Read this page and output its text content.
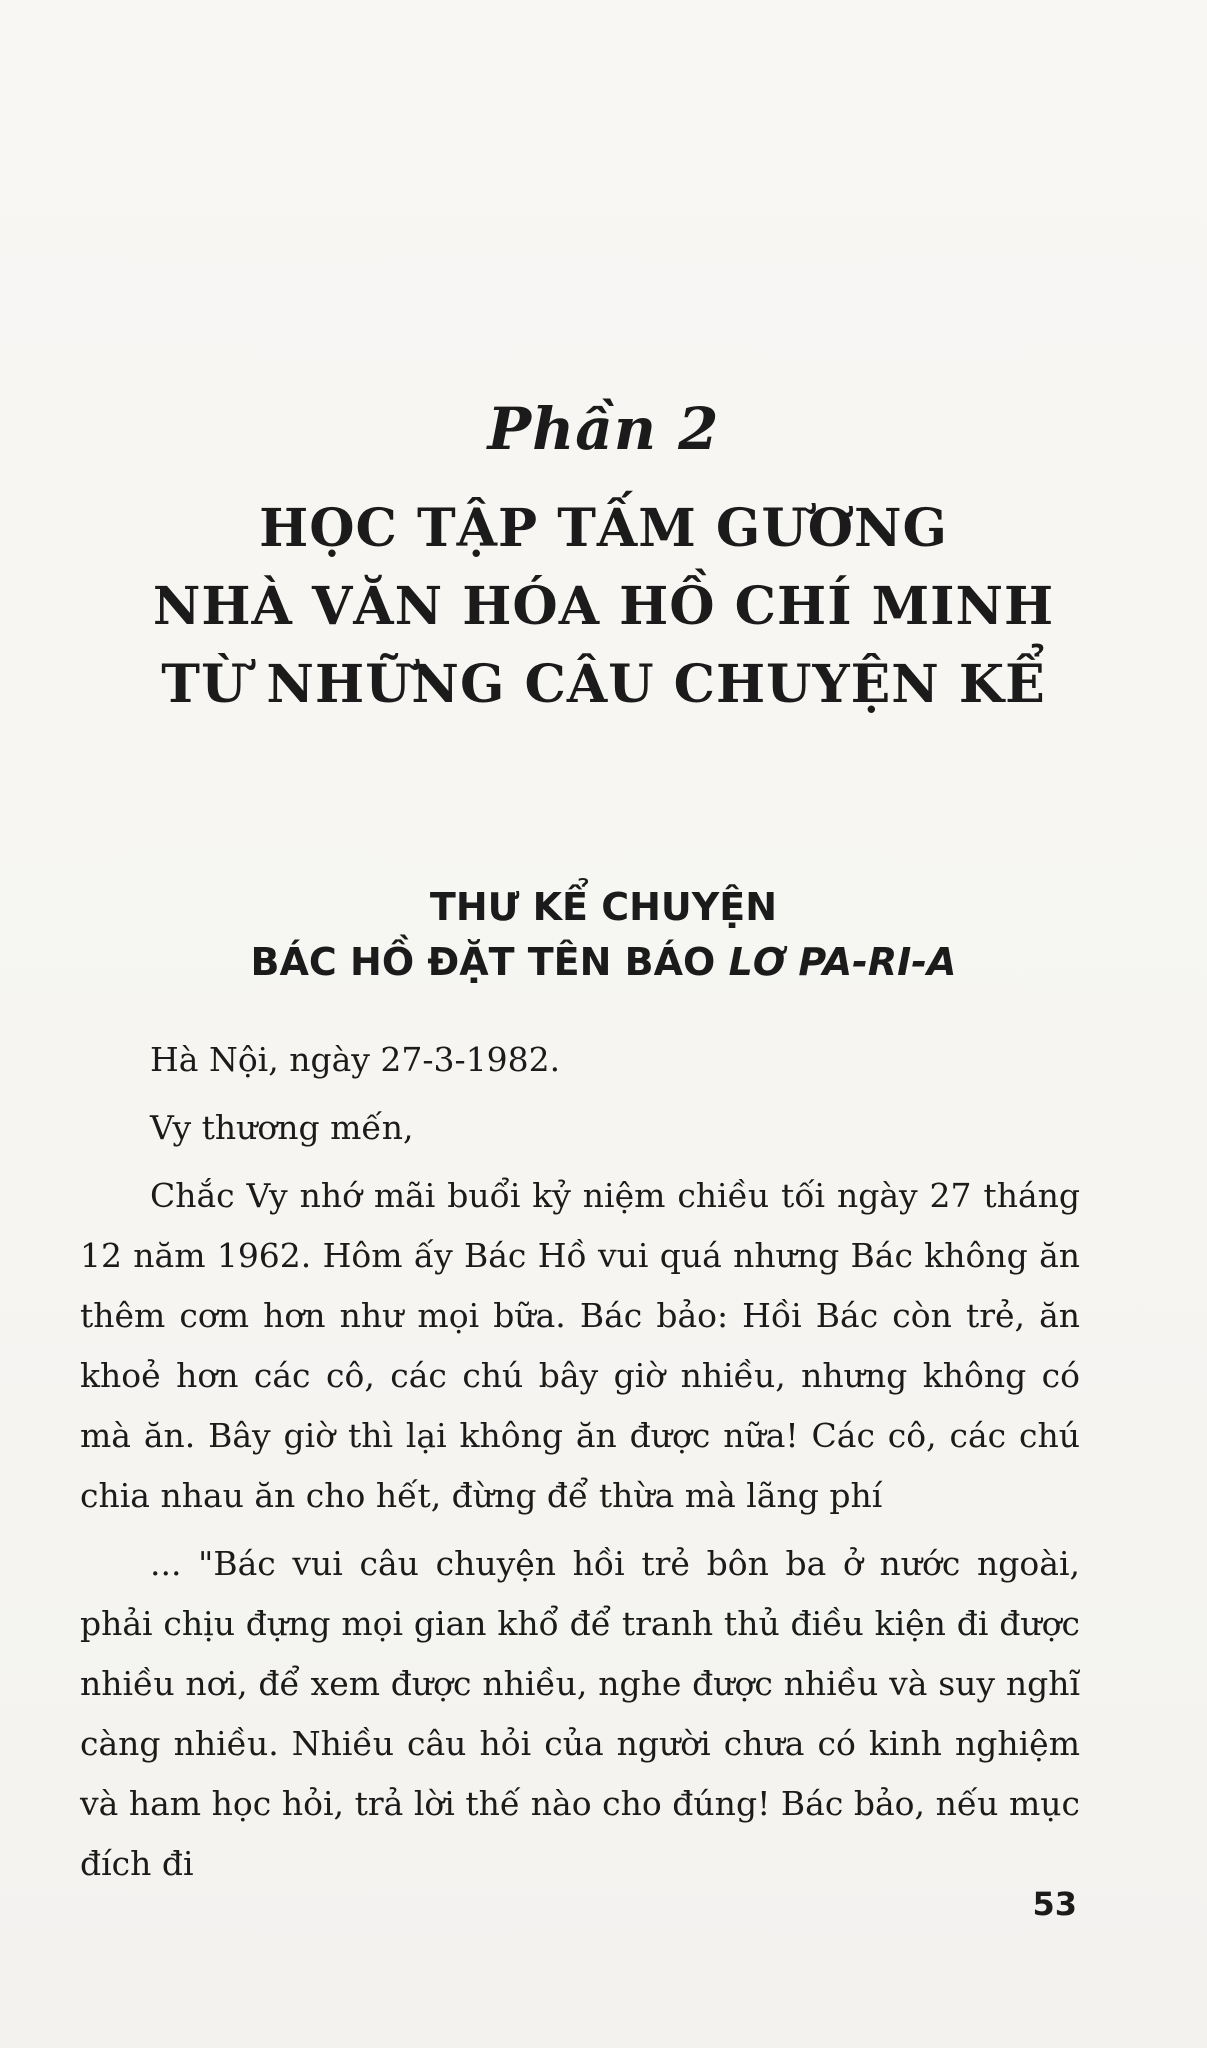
Phần 2
HỌC TẬP TẤM GƯƠNG
NHÀ VĂN HÓA HỒ CHÍ MINH
TỪ NHỮNG CÂU CHUYỆN KỂ
THƯ KỂ CHUYỆN
BÁC HỒ ĐẶT TÊN BÁO LƠ PA-RI-A

Hà Nội, ngày 27-3-1982.

Vy thương mến,

Chắc Vy nhớ mãi buổi kỷ niệm chiều tối ngày 27 tháng 12 năm 1962. Hôm ấy Bác Hồ vui quá nhưng Bác không ăn thêm cơm hơn như mọi bữa. Bác bảo: Hồi Bác còn trẻ, ăn khoẻ hơn các cô, các chú bây giờ nhiều, nhưng không có mà ăn. Bây giờ thì lại không ăn được nữa! Các cô, các chú chia nhau ăn cho hết, đừng để thừa mà lãng phí

... "Bác vui câu chuyện hồi trẻ bôn ba ở nước ngoài, phải chịu đựng mọi gian khổ để tranh thủ điều kiện đi được nhiều nơi, để xem được nhiều, nghe được nhiều và suy nghĩ càng nhiều. Nhiều câu hỏi của người chưa có kinh nghiệm và ham học hỏi, trả lời thế nào cho đúng! Bác bảo, nếu mục đích đi

53
